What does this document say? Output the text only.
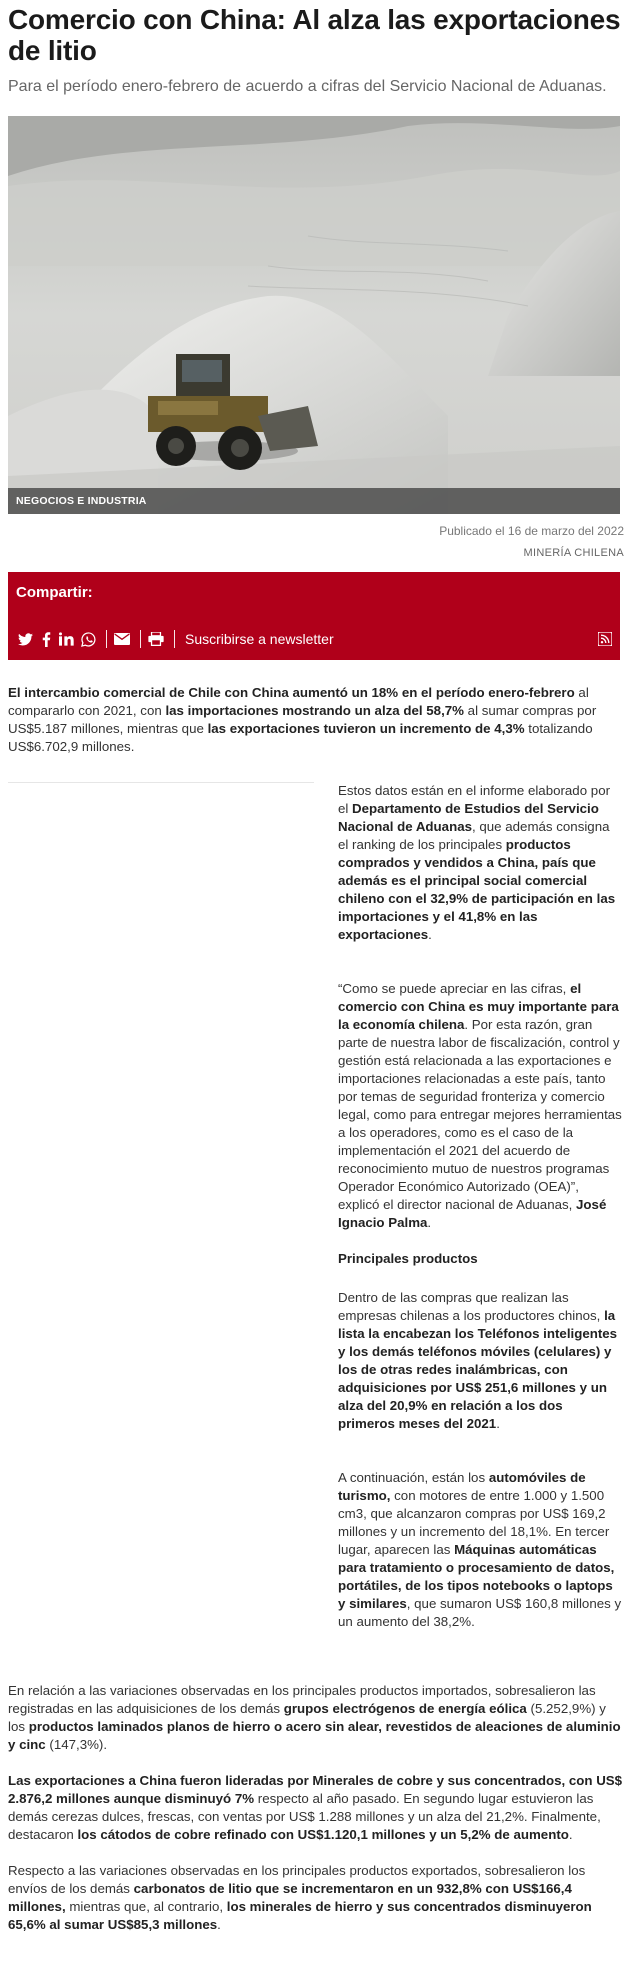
Comercio con China: Al alza las exportaciones de litio

Para el período enero-febrero de acuerdo a cifras del Servicio Nacional de Aduanas.

NEGOCIOS E INDUSTRIA
Publicado el 16 de marzo del 2022
MINERÍA CHILENA
Compartir:
Suscribirse a newsletter

El intercambio comercial de Chile con China aumentó un 18% en el período enero-febrero al compararlo con 2021, con las importaciones mostrando un alza del 58,7% al sumar compras por US$5.187 millones, mientras que las exportaciones tuvieron un incremento de 4,3% totalizando US$6.702,9 millones.

Estos datos están en el informe elaborado por el Departamento de Estudios del Servicio Nacional de Aduanas, que además consigna el ranking de los principales productos comprados y vendidos a China, país que además es el principal social comercial chileno con el 32,9% de participación en las importaciones y el 41,8% en las exportaciones.

“Como se puede apreciar en las cifras, el comercio con China es muy importante para la economía chilena. Por esta razón, gran parte de nuestra labor de fiscalización, control y gestión está relacionada a las exportaciones e importaciones relacionadas a este país, tanto por temas de seguridad fronteriza y comercio legal, como para entregar mejores herramientas a los operadores, como es el caso de la implementación el 2021 del acuerdo de reconocimiento mutuo de nuestros programas Operador Económico Autorizado (OEA)”, explicó el director nacional de Aduanas, José Ignacio Palma.

Principales productos

Dentro de las compras que realizan las empresas chilenas a los productores chinos, la lista la encabezan los Teléfonos inteligentes y los demás teléfonos móviles (celulares) y los de otras redes inalámbricas, con adquisiciones por US$ 251,6 millones y un alza del 20,9% en relación a los dos primeros meses del 2021.

A continuación, están los automóviles de turismo, con motores de entre 1.000 y 1.500 cm3, que alcanzaron compras por US$ 169,2 millones y un incremento del 18,1%. En tercer lugar, aparecen las Máquinas automáticas para tratamiento o procesamiento de datos, portátiles, de los tipos notebooks o laptops y similares, que sumaron US$ 160,8 millones y un aumento del 38,2%.

En relación a las variaciones observadas en los principales productos importados, sobresalieron las registradas en las adquisiciones de los demás grupos electrógenos de energía eólica (5.252,9%) y los productos laminados planos de hierro o acero sin alear, revestidos de aleaciones de aluminio y cinc (147,3%).

Las exportaciones a China fueron lideradas por Minerales de cobre y sus concentrados, con US$ 2.876,2 millones aunque disminuyó 7% respecto al año pasado. En segundo lugar estuvieron las demás cerezas dulces, frescas, con ventas por US$ 1.288 millones y un alza del 21,2%. Finalmente, destacaron los cátodos de cobre refinado con US$1.120,1 millones y un 5,2% de aumento.

Respecto a las variaciones observadas en los principales productos exportados, sobresalieron los envíos de los demás carbonatos de litio que se incrementaron en un 932,8% con US$166,4 millones, mientras que, al contrario, los minerales de hierro y sus concentrados disminuyeron 65,6% al sumar US$85,3 millones.
